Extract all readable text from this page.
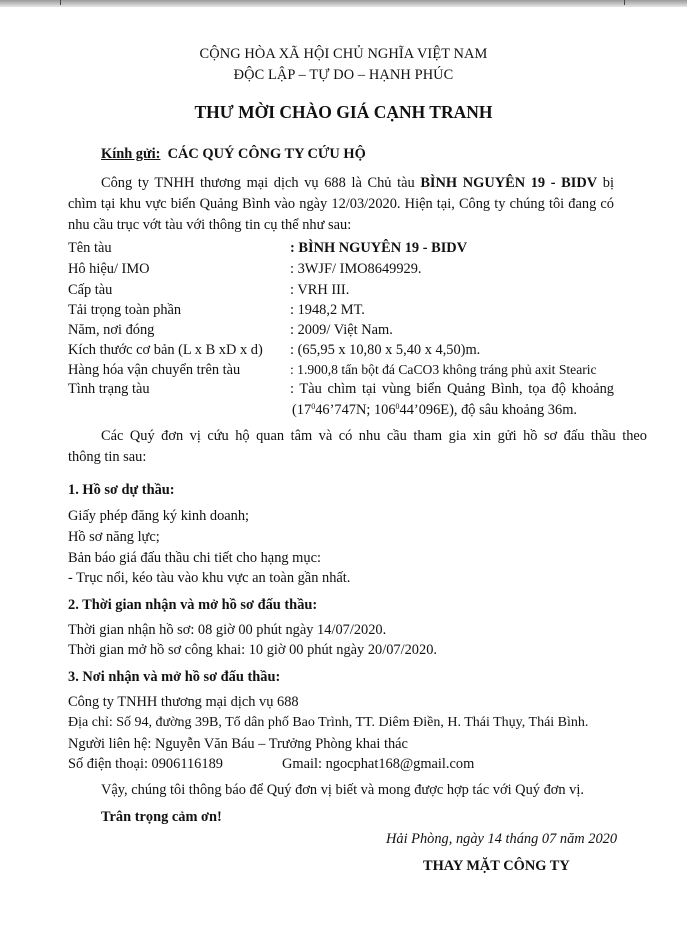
CỘNG HÒA XÃ HỘI CHỦ NGHĨA VIỆT NAM
ĐỘC LẬP – TỰ DO – HẠNH PHÚC
THƯ MỜI CHÀO GIÁ CẠNH TRANH
Kính gửi: CÁC QUÝ CÔNG TY CỨU HỘ
Công ty TNHH thương mại dịch vụ 688 là Chủ tàu BÌNH NGUYÊN 19 - BIDV bị
chìm tại khu vực biển Quảng Bình vào ngày 12/03/2020. Hiện tại, Công ty chúng tôi đang có
nhu cầu trục vớt tàu với thông tin cụ thể như sau:
Tên tàu	: BÌNH NGUYÊN 19 - BIDV
Hô hiệu/ IMO	: 3WJF/ IMO8649929.
Cấp tàu	: VRH III.
Tải trọng toàn phần	: 1948,2 MT.
Năm, nơi đóng	: 2009/ Việt Nam.
Kích thước cơ bản (L x B xD x d) : (65,95 x 10,80 x 5,40 x 4,50)m.
Hàng hóa vận chuyển trên tàu	: 1.900,8 tấn bột đá CaCO3 không tráng phủ axit Stearic
Tình trạng tàu	: Tàu chìm tại vùng biển Quảng Bình, tọa độ khoảng
($17^046’747N$; $106^044’096E$), độ sâu khoảng 36m.
Các Quý đơn vị cứu hộ quan tâm và có nhu cầu tham gia xin gửi hồ sơ đấu thầu theo
thông tin sau:
1. Hồ sơ dự thầu:
Giấy phép đăng ký kinh doanh;
Hồ sơ năng lực;
Bản báo giá đấu thầu chi tiết cho hạng mục:
- Trục nổi, kéo tàu vào khu vực an toàn gần nhất.
2. Thời gian nhận và mở hồ sơ đấu thầu:
Thời gian nhận hồ sơ: 08 giờ 00 phút ngày 14/07/2020.
Thời gian mở hồ sơ công khai: 10 giờ 00 phút ngày 20/07/2020.
3. Nơi nhận và mở hồ sơ đấu thầu:
Công ty TNHH thương mại dịch vụ 688
Địa chỉ: Số 94, đường 39B, Tổ dân phố Bao Trình, TT. Diêm Điền, H. Thái Thụy, Thái Bình.
Người liên hệ: Nguyễn Văn Báu – Trưởng Phòng khai thác
Số điện thoại: 0906116189	Gmail: ngocphat168@gmail.com
Vậy, chúng tôi thông báo để Quý đơn vị biết và mong được hợp tác với Quý đơn vị.
Trân trọng cảm ơn!
Hải Phòng, ngày 14 tháng 07 năm 2020
THAY MẶT CÔNG TY
